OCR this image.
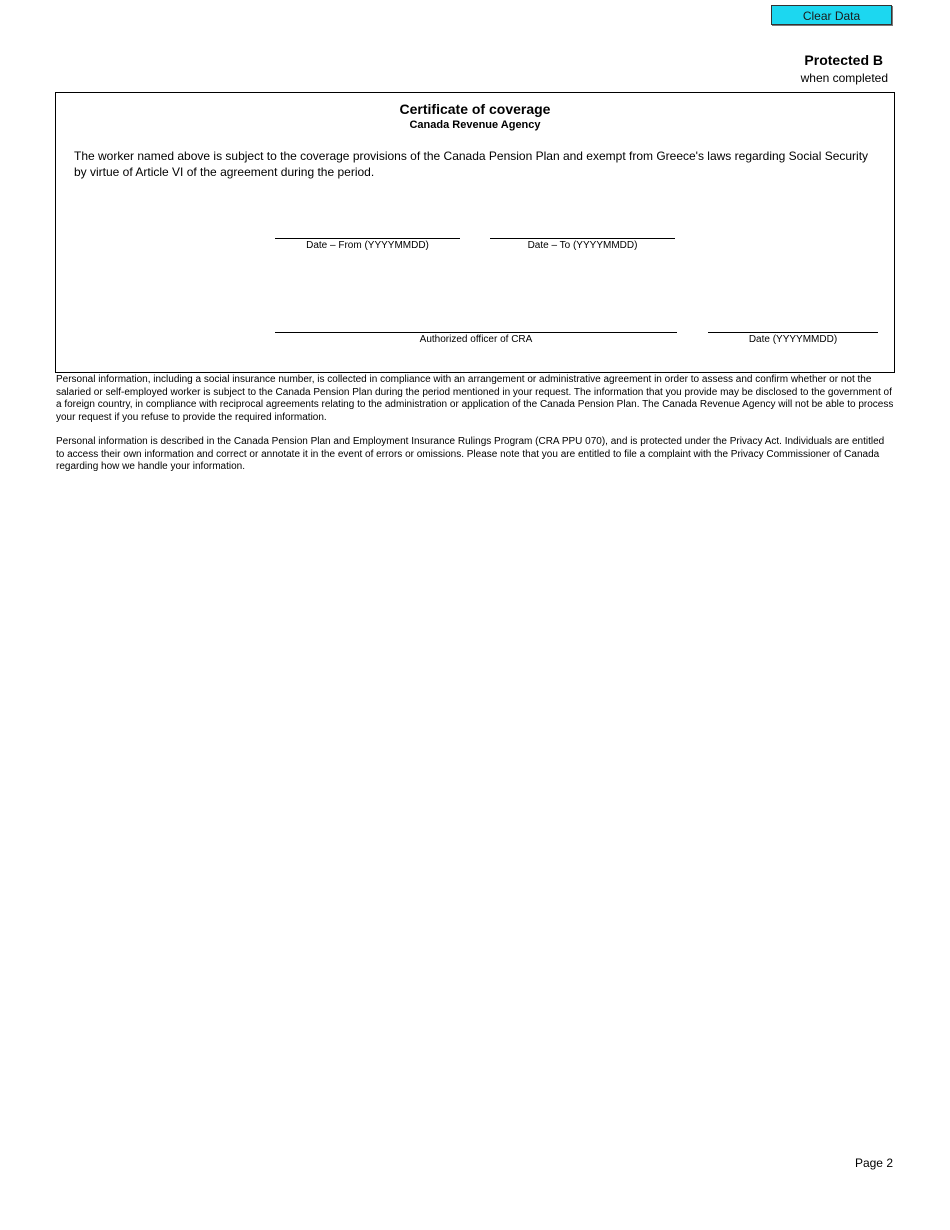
Clear Data
Protected B
when completed
Certificate of coverage
Canada Revenue Agency
The worker named above is subject to the coverage provisions of the Canada Pension Plan and exempt from Greece's laws regarding Social Security by virtue of Article VI of the agreement during the period.
Date – From (YYYYMMDD)	Date – To (YYYYMMDD)
Authorized officer of CRA	Date (YYYYMMDD)
Personal information, including a social insurance number, is collected in compliance with an arrangement or administrative agreement in order to assess and confirm whether or not the salaried or self-employed worker is subject to the Canada Pension Plan during the period mentioned in your request. The information that you provide may be disclosed to the government of a foreign country, in compliance with reciprocal agreements relating to the administration or application of the Canada Pension Plan. The Canada Revenue Agency will not be able to process your request if you refuse to provide the required information.
Personal information is described in the Canada Pension Plan and Employment Insurance Rulings Program (CRA PPU 070), and is protected under the Privacy Act. Individuals are entitled to access their own information and correct or annotate it in the event of errors or omissions. Please note that you are entitled to file a complaint with the Privacy Commissioner of Canada regarding how we handle your information.
Page 2
